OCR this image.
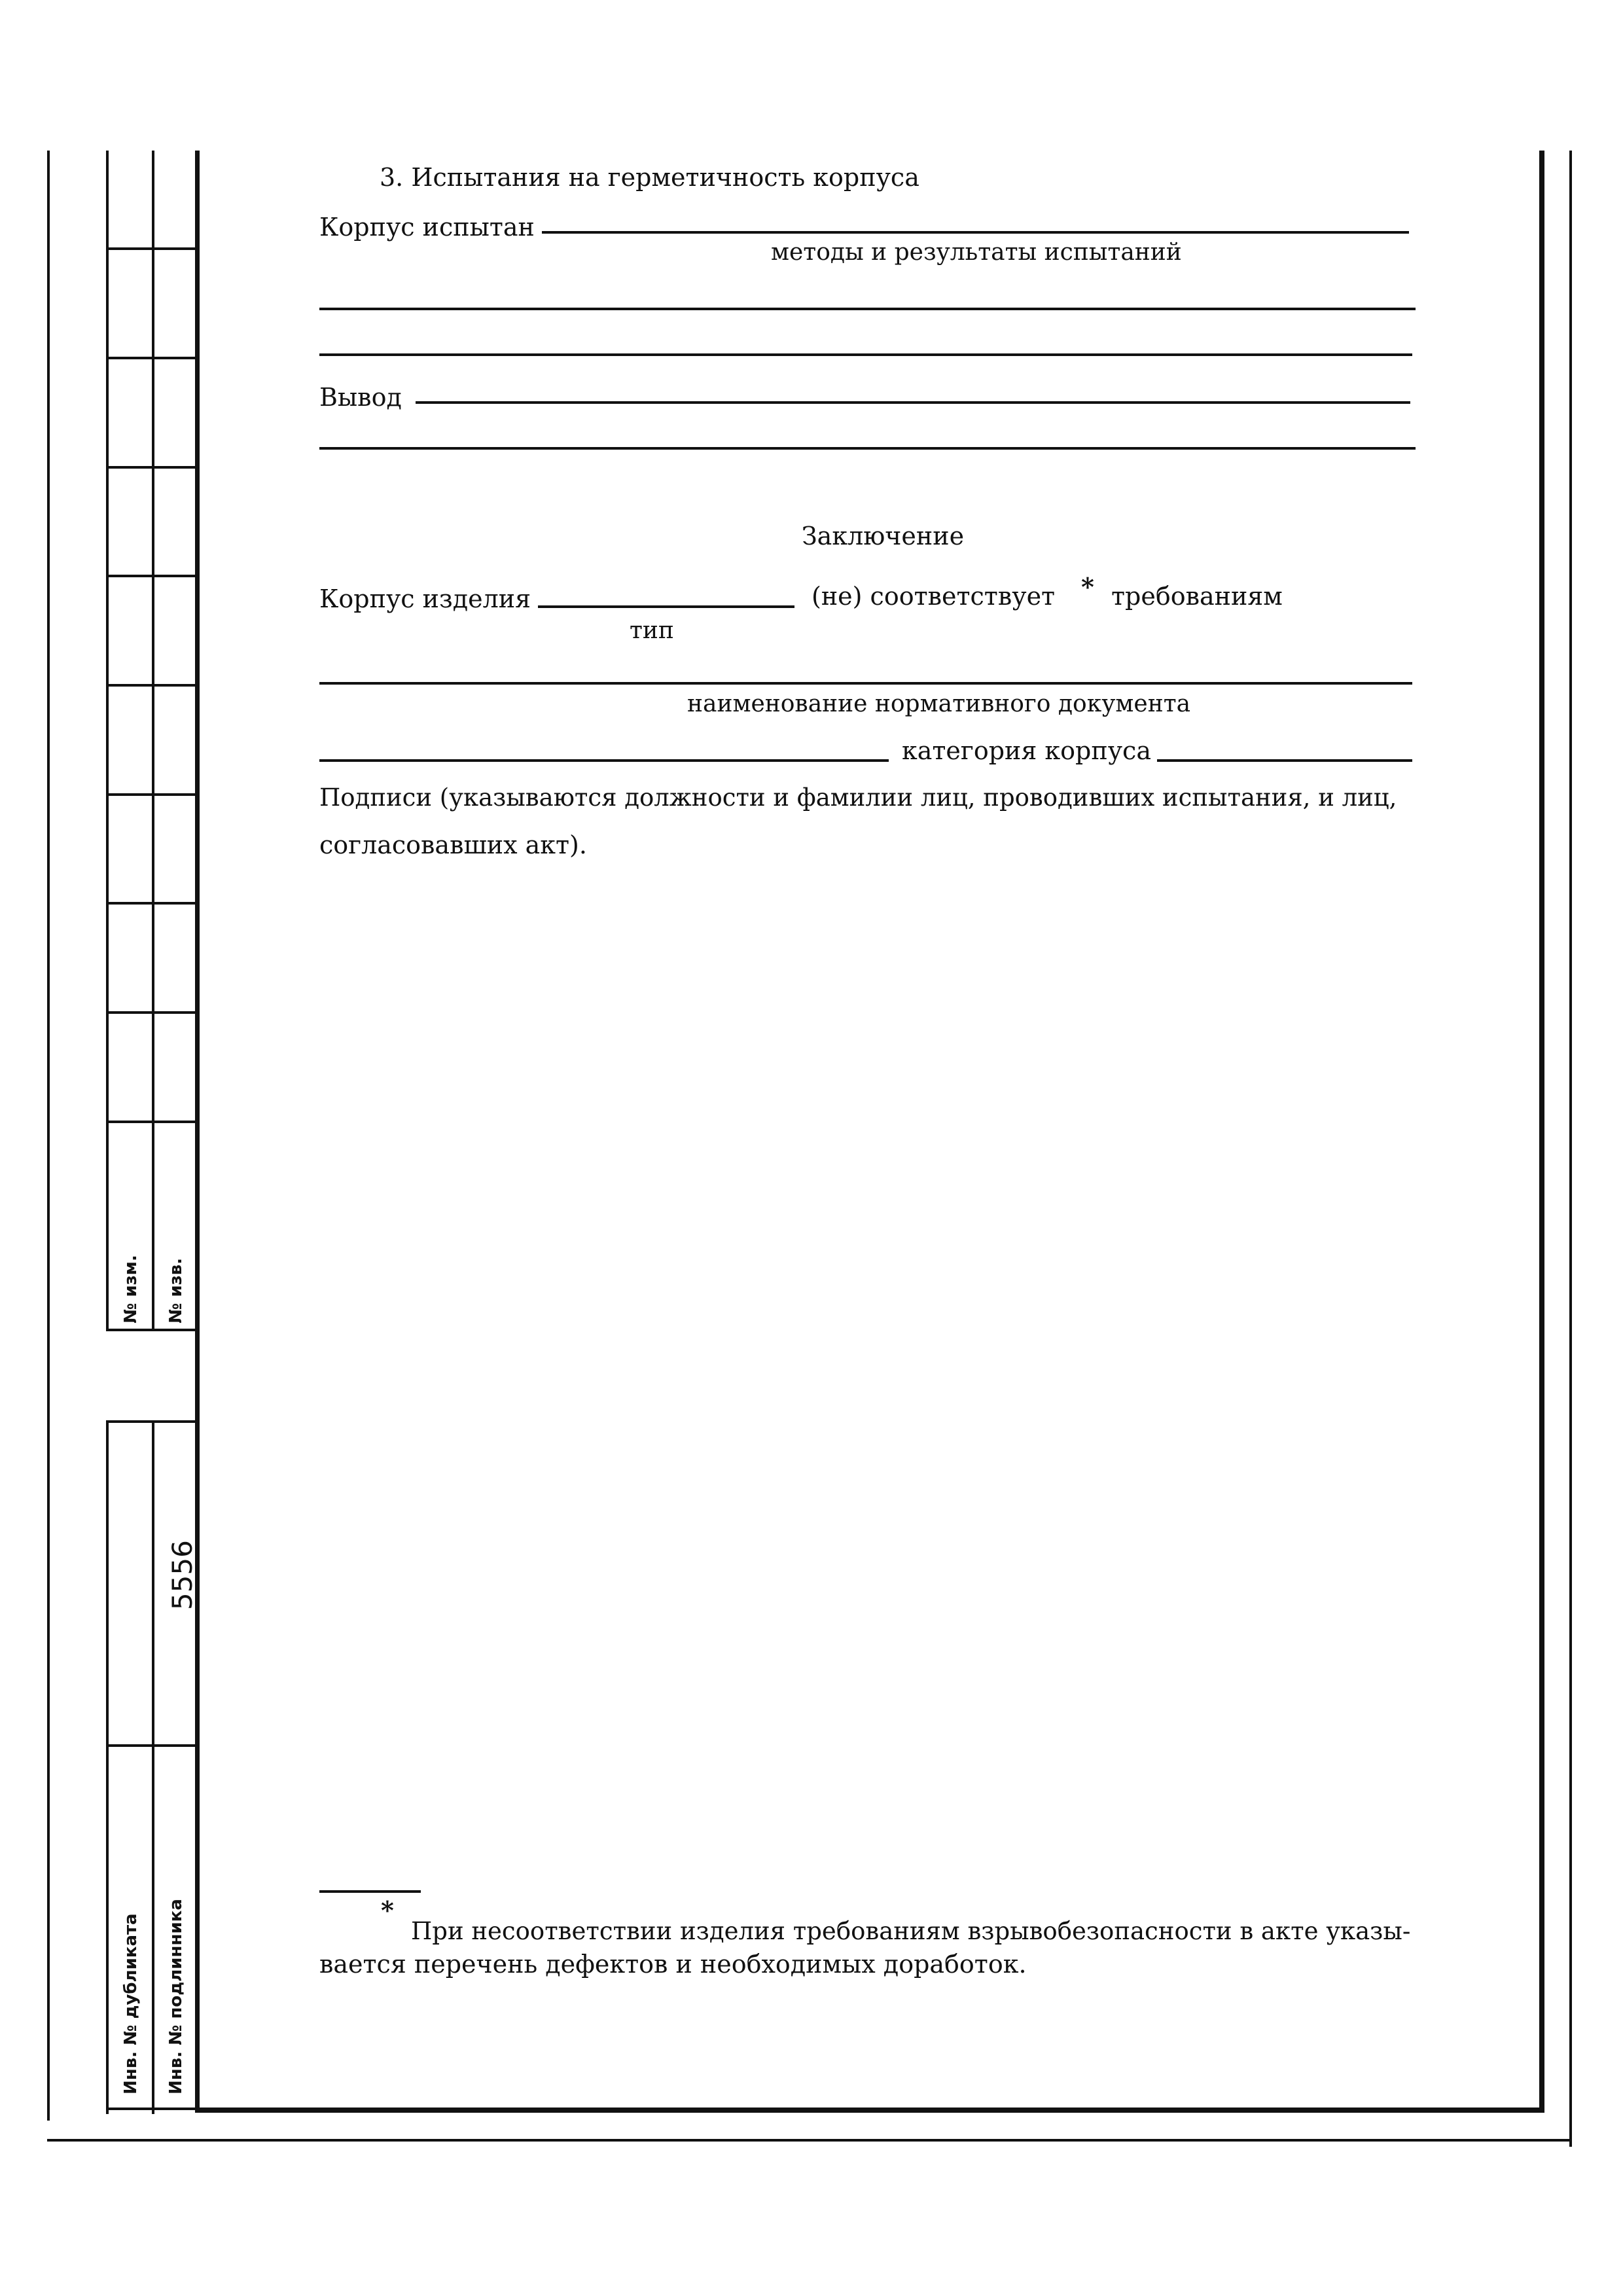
№ изм. № изв.
Инв. № дубликата Инв. № подлинника
5556
3. Испытания на герметичность корпуса
Корпус испытан
методы и результаты испытаний
Вывод
Заключение
Корпус изделия	(не) соответствует * требованиям
тип
наименование нормативного документа
категория корпуса
Подписи (указываются должности и фамилии лиц, проводивших испытания, и лиц,
согласовавших акт).
*
При несоответствии изделия требованиям взрывобезопасности в акте указы-
вается перечень дефектов и необходимых доработок.
